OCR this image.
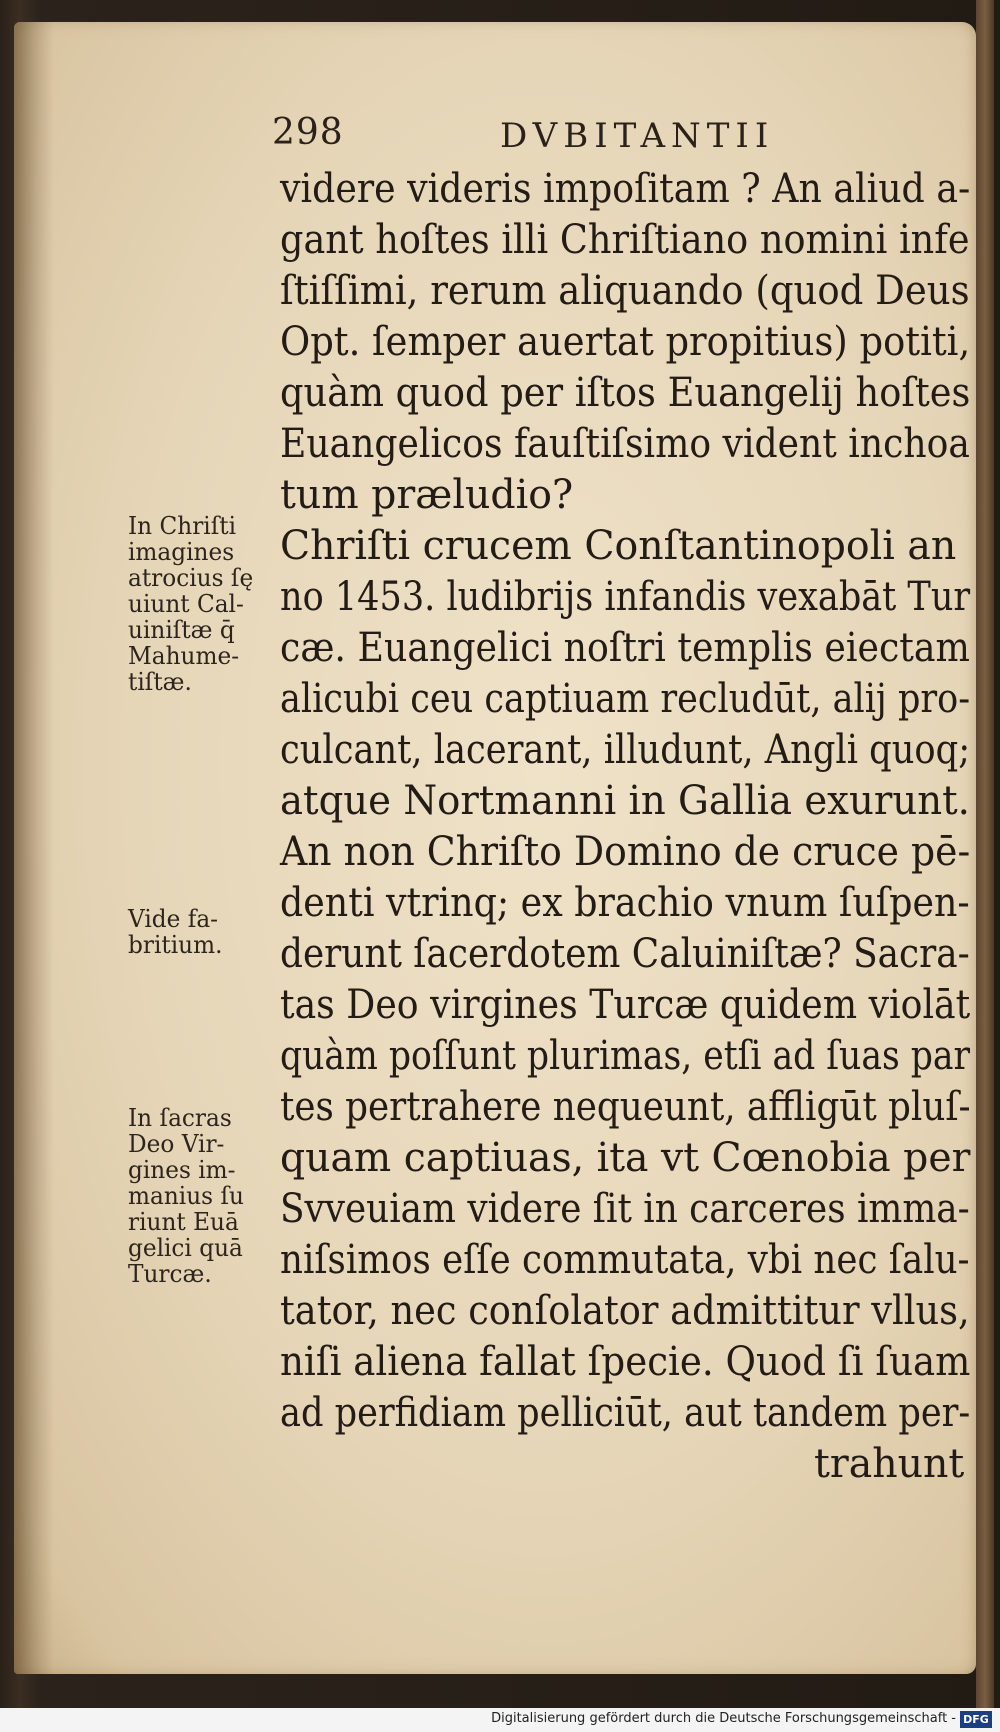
298	DVBITANTII
videre videris impoſitam ? An aliud a-
gant hoſtes illi Chriſtiano nomini infe
ſtiſſimi, rerum aliquando (quod Deus
Opt. ſemper auertat propitius) potiti,
quàm quod per iſtos Euangelij hoſtes
Euangelicos fauſtiſsimo vident inchoa
tum præludio?
Chriſti crucem Conſtantinopoli an
no 1453. ludibrijs infandis vexabāt Tur
cæ. Euangelici noſtri templis eiectam
alicubi ceu captiuam recludūt, alij pro-
culcant, lacerant, illudunt, Angli quoq;
atque Nortmanni in Gallia exurunt.
An non Chriſto Domino de cruce pē-
denti vtrinq; ex brachio vnum ſuſpen-
derunt ſacerdotem Caluiniſtæ? Sacra-
tas Deo virgines Turcæ quidem violāt
quàm poſſunt plurimas, etſi ad ſuas par
tes pertrahere nequeunt, affligūt pluſ-
quam captiuas, ita vt Cœnobia per
Svveuiam videre ſit in carceres imma-
niſsimos eſſe commutata, vbi nec ſalu-
tator, nec conſolator admittitur vllus,
niſi aliena fallat ſpecie. Quod ſi ſuam
ad perfidiam pelliciūt, aut tandem per-
trahunt
In Chriſti
imagines
atrocius ſę
uiunt Cal-
uiniſtæ q̄
Mahume-
tiſtæ.
Vide fa-
britium.
In ſacras
Deo Vir-
gines im-
manius ſu
riunt Euā
gelici quā
Turcæ.
Digitalisierung gefördert durch die Deutsche Forschungsgemeinschaft - DFG
